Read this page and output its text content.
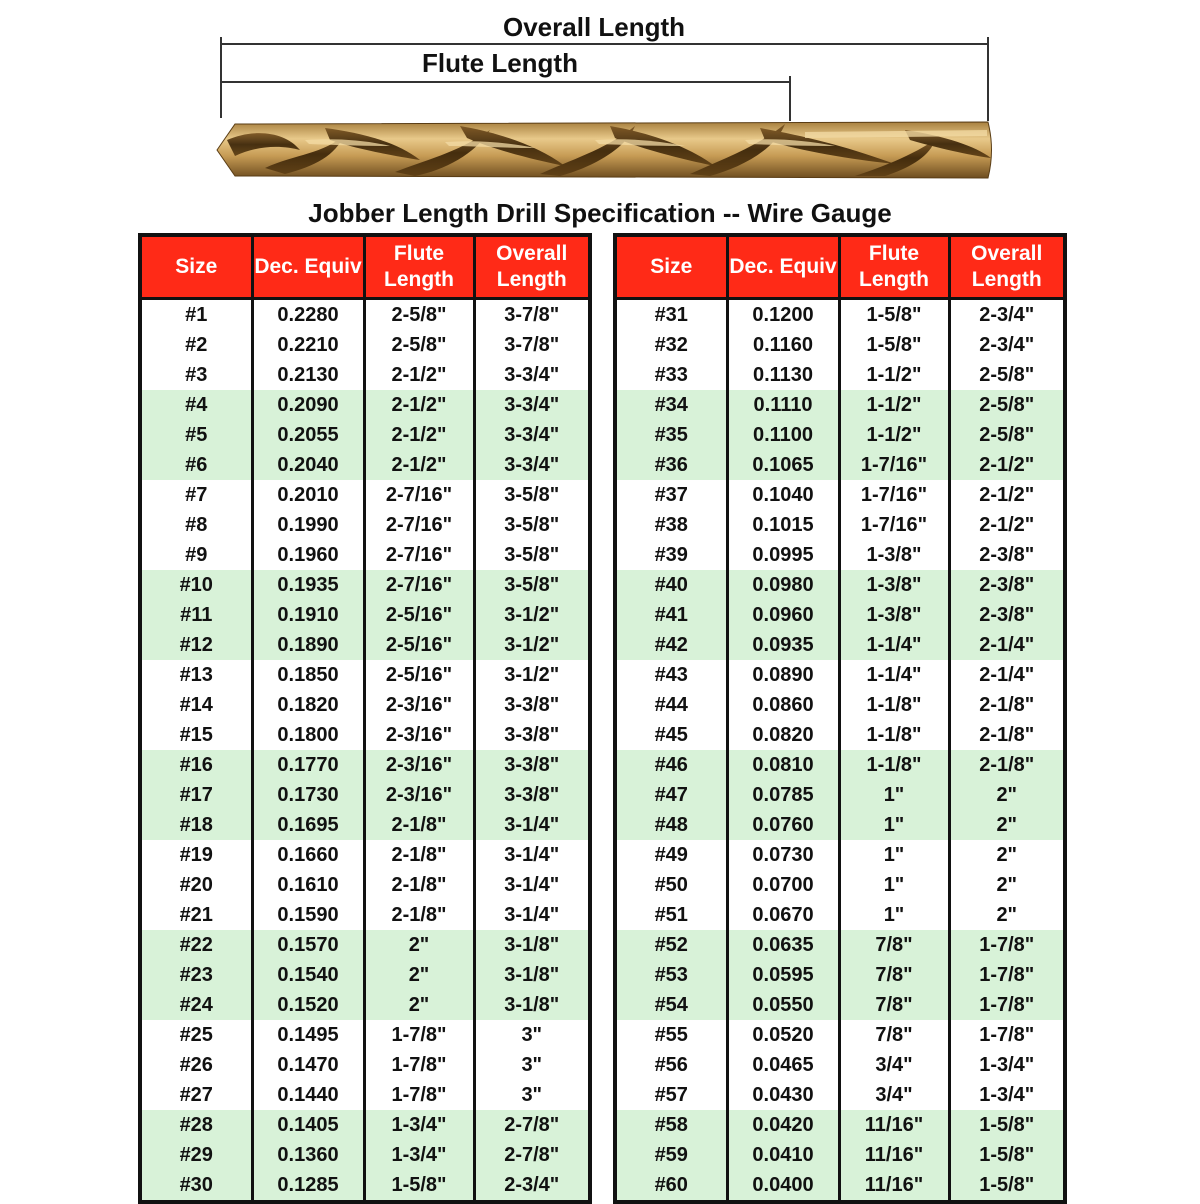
Overall Length
Flute Length
Jobber Length Drill Specification -- Wire Gauge
Size	Dec. Equiv	Flute Length	Overall Length
#1	0.2280	2-5/8"	3-7/8"
#2	0.2210	2-5/8"	3-7/8"
#3	0.2130	2-1/2"	3-3/4"
#4	0.2090	2-1/2"	3-3/4"
#5	0.2055	2-1/2"	3-3/4"
#6	0.2040	2-1/2"	3-3/4"
#7	0.2010	2-7/16"	3-5/8"
#8	0.1990	2-7/16"	3-5/8"
#9	0.1960	2-7/16"	3-5/8"
#10	0.1935	2-7/16"	3-5/8"
#11	0.1910	2-5/16"	3-1/2"
#12	0.1890	2-5/16"	3-1/2"
#13	0.1850	2-5/16"	3-1/2"
#14	0.1820	2-3/16"	3-3/8"
#15	0.1800	2-3/16"	3-3/8"
#16	0.1770	2-3/16"	3-3/8"
#17	0.1730	2-3/16"	3-3/8"
#18	0.1695	2-1/8"	3-1/4"
#19	0.1660	2-1/8"	3-1/4"
#20	0.1610	2-1/8"	3-1/4"
#21	0.1590	2-1/8"	3-1/4"
#22	0.1570	2"	3-1/8"
#23	0.1540	2"	3-1/8"
#24	0.1520	2"	3-1/8"
#25	0.1495	1-7/8"	3"
#26	0.1470	1-7/8"	3"
#27	0.1440	1-7/8"	3"
#28	0.1405	1-3/4"	2-7/8"
#29	0.1360	1-3/4"	2-7/8"
#30	0.1285	1-5/8"	2-3/4"
Size	Dec. Equiv	Flute Length	Overall Length
#31	0.1200	1-5/8"	2-3/4"
#32	0.1160	1-5/8"	2-3/4"
#33	0.1130	1-1/2"	2-5/8"
#34	0.1110	1-1/2"	2-5/8"
#35	0.1100	1-1/2"	2-5/8"
#36	0.1065	1-7/16"	2-1/2"
#37	0.1040	1-7/16"	2-1/2"
#38	0.1015	1-7/16"	2-1/2"
#39	0.0995	1-3/8"	2-3/8"
#40	0.0980	1-3/8"	2-3/8"
#41	0.0960	1-3/8"	2-3/8"
#42	0.0935	1-1/4"	2-1/4"
#43	0.0890	1-1/4"	2-1/4"
#44	0.0860	1-1/8"	2-1/8"
#45	0.0820	1-1/8"	2-1/8"
#46	0.0810	1-1/8"	2-1/8"
#47	0.0785	1"	2"
#48	0.0760	1"	2"
#49	0.0730	1"	2"
#50	0.0700	1"	2"
#51	0.0670	1"	2"
#52	0.0635	7/8"	1-7/8"
#53	0.0595	7/8"	1-7/8"
#54	0.0550	7/8"	1-7/8"
#55	0.0520	7/8"	1-7/8"
#56	0.0465	3/4"	1-3/4"
#57	0.0430	3/4"	1-3/4"
#58	0.0420	11/16"	1-5/8"
#59	0.0410	11/16"	1-5/8"
#60	0.0400	11/16"	1-5/8"
